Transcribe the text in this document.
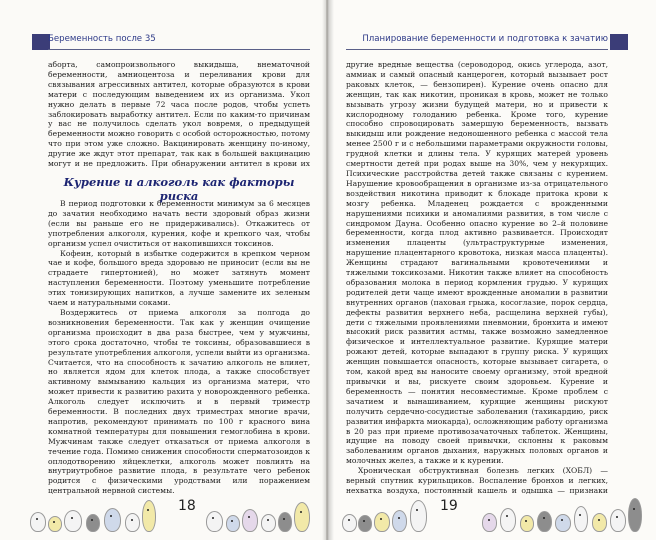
Беременность после 35

аборта, самопроизвольного выкидыша, внематочной беременности, амниоцентоза и переливания крови для связывания агрессивных антител, которые образуются в крови матери с последующим выведением их из организма. Укол нужно делать в первые 72 часа после родов, чтобы успеть заблокировать выработку антител. Если по каким-то причинам у вас не получилось сделать укол вовремя, о предыдущей беременности можно говорить с особой осторожностью, потому что при этом уже сложно. Вакцинировать женщину по-иному, другие же ждут этот препарат, так как в большей вакцинацию могут и не предложить. При обнаружении антител в крови их

Курение и алкоголь как факторы риска

В период подготовки к беременности минимум за 6 месяцев до зачатия необходимо начать вести здоровый образ жизни (если вы раньше его не придерживались). Откажитесь от употребления алкоголя, курения, кофе и крепкого чая, чтобы организм успел очиститься от накопившихся токсинов.

Кофеин, который в избытке содержится в крепком черном чае и кофе, большого вреда здоровью не приносит (если вы не страдаете гипертонией), но может затянуть момент наступления беременности. Поэтому уменьшите потребление этих тонизирующих напитков, а лучше замените их зеленым чаем и натуральными соками.

Воздержитесь от приема алкоголя за полгода до возникновения беременности. Так как у женщин очищение организма происходит в два раза быстрее, чем у мужчины, этого срока достаточно, чтобы те токсины, образовавшиеся в результате употребления алкоголя, успели выйти из организма. Считается, что на способность к зачатию алкоголь не влияет, но является ядом для клеток плода, а также способствует активному вымыванию кальция из организма матери, что может привести к развитию рахита у новорожденного ребенка. Алкоголь следует исключить и в первый триместр беременности. В последних двух триместрах многие врачи, напротив, рекомендуют принимать по 100 г красного вина комнатной температуры для повышения гемоглобина в крови. Мужчинам также следует отказаться от приема алкоголя в течение года. Помимо снижения способности сперматозоидов к оплодотворению яйцеклетки, алкоголь может повлиять на внутриутробное развитие плода, в результате чего ребенок родится с физическими уродствами или поражением центральной нервной системы.

18
Планирование беременности и подготовка к зачатию

другие вредные вещества (сероводород, окись углерода, азот, аммиак и самый опасный канцероген, который вызывает рост раковых клеток, — бензопирен). Курение очень опасно для женщин, так как никотин, проникая в кровь, может не только вызывать угрозу жизни будущей матери, но и привести к кислородному голоданию ребенка. Кроме того, курение способно спровоцировать замершую беременность, вызвать выкидыш или рождение недоношенного ребенка с массой тела менее 2500 г и с небольшими параметрами окружности головы, грудной клетки и длины тела. У курящих матерей уровень смертности детей при родах выше на 30%, чем у некурящих. Психические расстройства детей также связаны с курением. Нарушение кровообращения в организме из-за отрицательного воздействия никотина приводит к блокаде притока крови к мозгу ребенка. Младенец рождается с врожденными нарушениями психики и аномалиями развития, в том числе с синдромом Дауна. Особенно опасно курение во 2–й половине беременности, когда плод активно развивается. Происходят изменения плаценты (ультраструктурные изменения, нарушение плацентарного кровотока, низкая масса плаценты). Женщины страдают вагинальными кровотечениями и тяжелыми токсикозами. Никотин также влияет на способность образования молока в период кормления грудью. У курящих родителей дети чаще имеют врожденные аномалии в развитии внутренних органов (паховая грыжа, косоглазие, порок сердца, дефекты развития верхнего неба, расщелина верхней губы), дети с тяжелыми проявлениями пневмонии, бронхита и имеют высокий риск развития астмы, также возможно замедленное физическое и интеллектуальное развитие. Курящие матери рожают детей, которые выпадают в группу риска. У курящих женщин повышается опасность, которые вызывает сигарета, о том, какой вред вы наносите своему организму, этой вредной привычки и вы, рискуете своим здоровьем. Курение и беременность — понятия несовместимые. Кроме проблем с зачатием и вынашиванием, курящие женщины рискуют получить сердечно-сосудистые заболевания (тахикардию, риск развития инфаркта миокарда), осложняющим работу организма в 20 раз при приеме противозачаточных таблеток. Женщины, идущие на поводу своей привычки, склонны к раковым заболеваниям органов дыхания, наружных половых органов и молочных желез, а также и к курении.

Хроническая обструктивная болезнь легких (ХОБЛ) — верный спутник курильщиков. Воспаление бронхов и легких, нехватка воздуха, постоянный кашель и одышка — признаки

19
